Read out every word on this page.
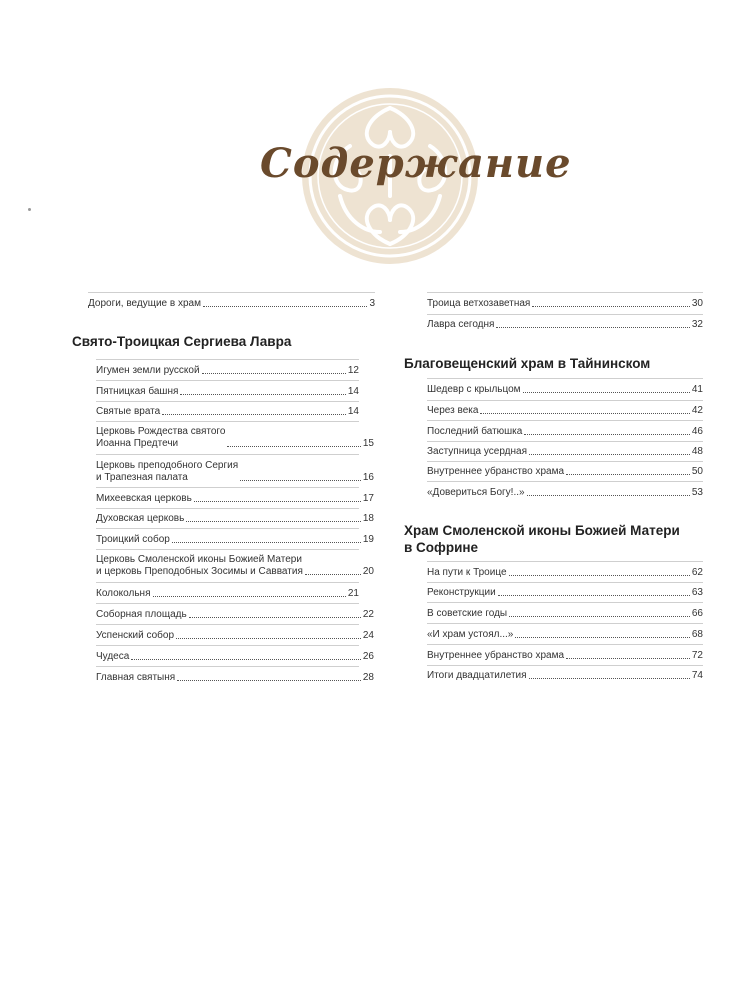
Содержание
Дороги, ведущие в храм	3
Свято-Троицкая Сергиева Лавра
Игумен земли русской	12
Пятницкая башня	14
Святые врата	14
Церковь Рождества святого
Иоанна Предтечи	15
Церковь преподобного Сергия
и Трапезная палата	16
Михеевская церковь	17
Духовская церковь	18
Троицкий собор	19
Церковь Смоленской иконы Божией Матери
и церковь Преподобных Зосимы и Савватия	20
Колокольня	21
Соборная площадь	22
Успенский собор	24
Чудеса	26
Главная святыня	28
Троица ветхозаветная	30
Лавра сегодня	32
Благовещенский храм в Тайнинском
Шедевр с крыльцом	41
Через века	42
Последний батюшка	46
Заступница усердная	48
Внутреннее убранство храма	50
«Довериться Богу!..»	53
Храм Смоленской иконы Божией Матери
в Софрине
На пути к Троице	62
Реконструкции	63
В советские годы	66
«И храм устоял...»	68
Внутреннее убранство храма	72
Итоги двадцатилетия	74
